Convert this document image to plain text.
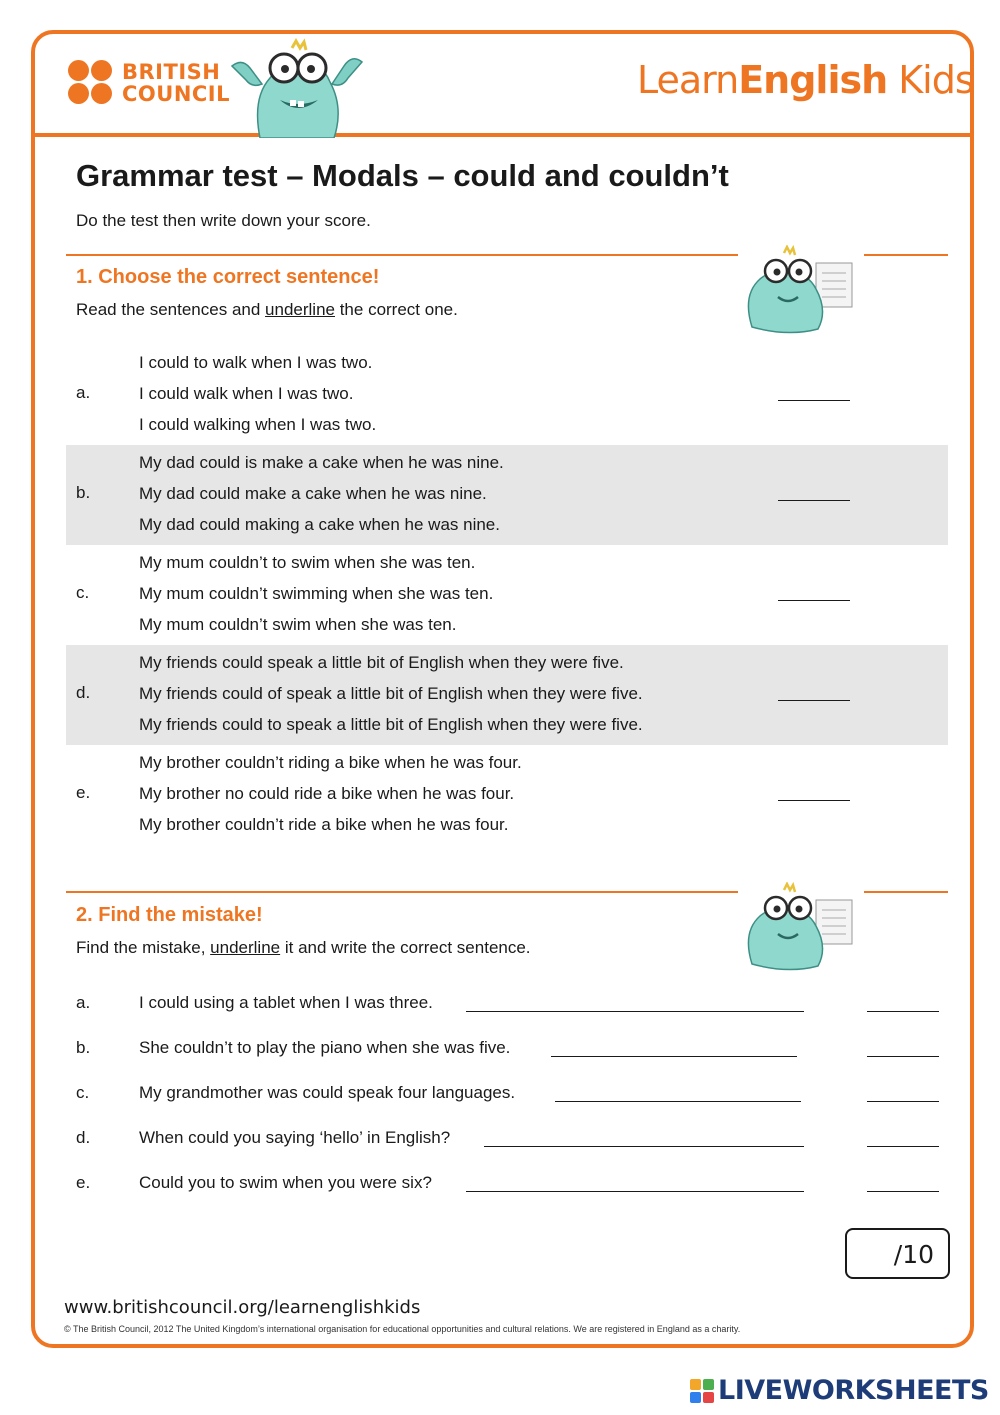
BRITISH
COUNCIL	LearnEnglish Kids
Grammar test – Modals – could and couldn’t
Do the test then write down your score.
1. Choose the correct sentence!
Read the sentences and underline the correct one.
a.
I could to walk when I was two.
I could walk when I was two.
I could walking when I was two.
b.
My dad could is make a cake when he was nine.
My dad could make a cake when he was nine.
My dad could making a cake when he was nine.
c.
My mum couldn’t to swim when she was ten.
My mum couldn’t swimming when she was ten.
My mum couldn’t swim when she was ten.
d.
My friends could speak a little bit of English when they were five.
My friends could of speak a little bit of English when they were five.
My friends could to speak a little bit of English when they were five.
e.
My brother couldn’t riding a bike when he was four.
My brother no could ride a bike when he was four.
My brother couldn’t ride a bike when he was four.
2. Find the mistake!
Find the mistake, underline it and write the correct sentence.
a.	I could using a tablet when I was three.
b.	She couldn’t to play the piano when she was five.
c.	My grandmother was could speak four languages.
d.	When could you saying ‘hello’ in English?
e.	Could you to swim when you were six?
/10
www.britishcouncil.org/learnenglishkids
© The British Council, 2012 The United Kingdom’s international organisation for educational opportunities and cultural relations. We are registered in England as a charity.
LIVEWORKSHEETS
